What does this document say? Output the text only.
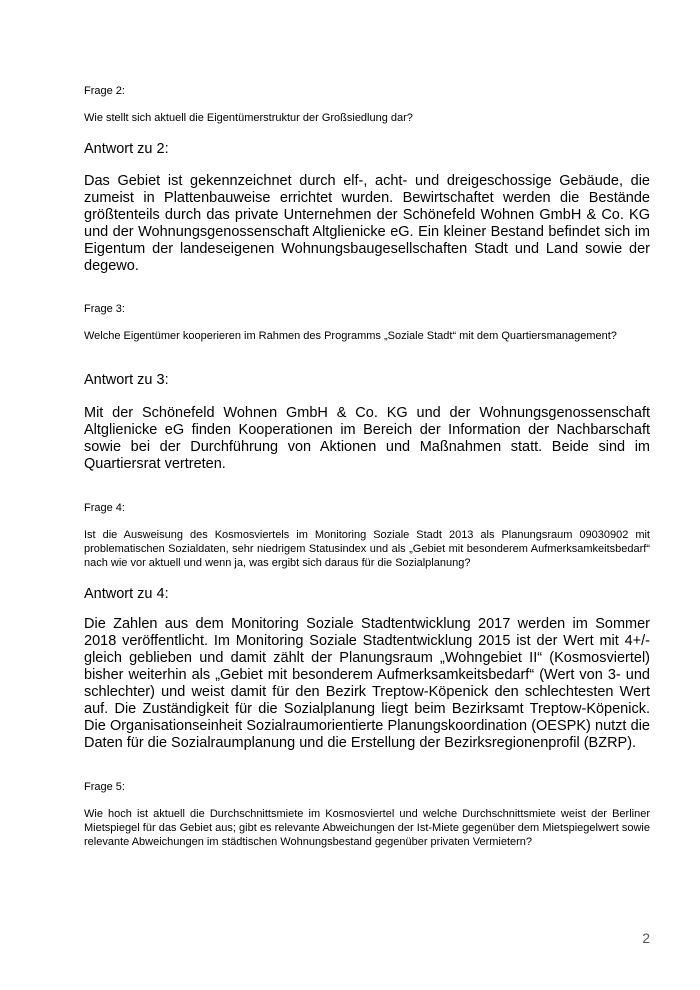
Frage 2:

Wie stellt sich aktuell die Eigentümerstruktur der Großsiedlung dar?

Antwort zu 2:

Das Gebiet ist gekennzeichnet durch elf-, acht- und dreigeschossige Gebäude, die zumeist in Plattenbauweise errichtet wurden. Bewirtschaftet werden die Bestände größtenteils durch das private Unternehmen der Schönefeld Wohnen GmbH & Co. KG und der Wohnungsgenossenschaft Altglienicke eG. Ein kleiner Bestand befindet sich im Eigentum der landeseigenen Wohnungsbaugesellschaften Stadt und Land sowie der degewo.

Frage 3:

Welche Eigentümer kooperieren im Rahmen des Programms „Soziale Stadt“ mit dem Quartiersmanagement?

Antwort zu 3:

Mit der Schönefeld Wohnen GmbH & Co. KG und der Wohnungsgenossenschaft Altglienicke eG finden Kooperationen im Bereich der Information der Nachbarschaft sowie bei der Durchführung von Aktionen und Maßnahmen statt. Beide sind im Quartiersrat vertreten.

Frage 4:

Ist die Ausweisung des Kosmosviertels im Monitoring Soziale Stadt 2013 als Planungsraum 09030902 mit problematischen Sozialdaten, sehr niedrigem Statusindex und als „Gebiet mit besonderem Aufmerksamkeitsbedarf“ nach wie vor aktuell und wenn ja, was ergibt sich daraus für die Sozialplanung?

Antwort zu 4:

Die Zahlen aus dem Monitoring Soziale Stadtentwicklung 2017 werden im Sommer 2018 veröffentlicht. Im Monitoring Soziale Stadtentwicklung 2015 ist der Wert mit 4+/- gleich geblieben und damit zählt der Planungsraum „Wohngebiet II“ (Kosmosviertel) bisher weiterhin als „Gebiet mit besonderem Aufmerksamkeitsbedarf“ (Wert von 3- und schlechter) und weist damit für den Bezirk Treptow-Köpenick den schlechtesten Wert auf. Die Zuständigkeit für die Sozialplanung liegt beim Bezirksamt Treptow-Köpenick. Die Organisationseinheit Sozialraumorientierte Planungskoordination (OESPK) nutzt die Daten für die Sozialraumplanung und die Erstellung der Bezirksregionenprofil (BZRP).

Frage 5:

Wie hoch ist aktuell die Durchschnittsmiete im Kosmosviertel und welche Durchschnittsmiete weist der Berliner Mietspiegel für das Gebiet aus; gibt es relevante Abweichungen der Ist-Miete gegenüber dem Mietspiegelwert sowie relevante Abweichungen im städtischen Wohnungsbestand gegenüber privaten Vermietern?

2
